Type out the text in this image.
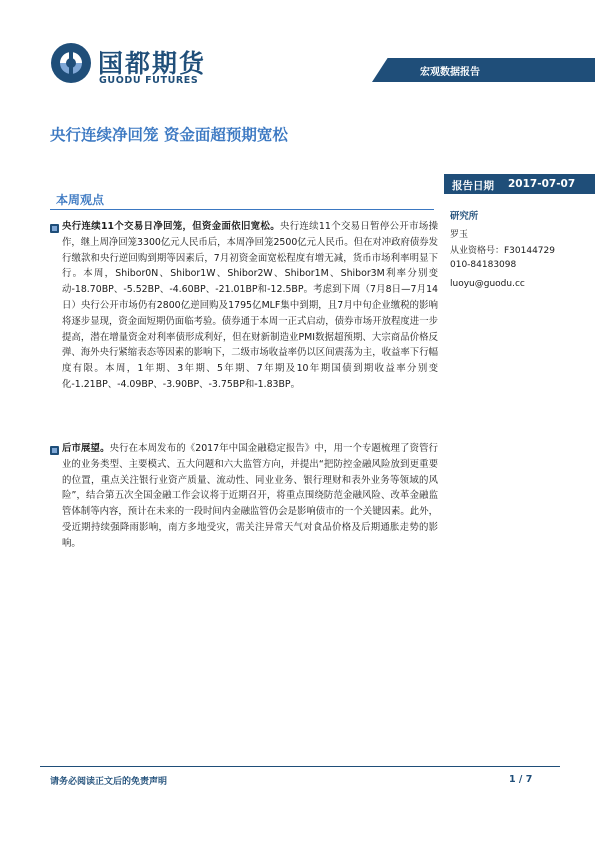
国都期货
GUODU FUTURES
宏观数据报告
央行连续净回笼 资金面超预期宽松
本周观点
央行连续11个交易日净回笼，但资金面依旧宽松。央行连续11个交易日暂停公开市场操作，继上周净回笼3300亿元人民币后，本周净回笼2500亿元人民币。但在对冲政府债券发行缴款和央行逆回购到期等因素后，7月初资金面宽松程度有增无减，货币市场利率明显下行。本周，Shibor0N、Shibor1W、Shibor2W、Shibor1M、Shibor3M利率分别变动-18.70BP、-5.52BP、-4.60BP、-21.01BP和-12.5BP。考虑到下周（7月8日—7月14日）央行公开市场仍有2800亿逆回购及1795亿MLF集中到期，且7月中旬企业缴税的影响将逐步显现，资金面短期仍面临考验。债券通于本周一正式启动，债券市场开放程度进一步提高，潜在增量资金对利率债形成利好，但在财新制造业PMI数据超预期、大宗商品价格反弹、海外央行紧缩表态等因素的影响下，二级市场收益率仍以区间震荡为主，收益率下行幅度有限。本周，1年期、3年期、5年期、7年期及10年期国债到期收益率分别变化-1.21BP、-4.09BP、-3.90BP、-3.75BP和-1.83BP。
后市展望。央行在本周发布的《2017年中国金融稳定报告》中，用一个专题梳理了资管行业的业务类型、主要模式、五大问题和六大监管方向，并提出“把防控金融风险放到更重要的位置，重点关注银行业资产质量、流动性、同业业务、银行理财和表外业务等领域的风险”，结合第五次全国金融工作会议将于近期召开，将重点围绕防范金融风险、改革金融监管体制等内容，预计在未来的一段时间内金融监管仍会是影响债市的一个关键因素。此外，受近期持续强降雨影响，南方多地受灾，需关注异常天气对食品价格及后期通胀走势的影响。
报告日期 2017-07-07
研究所
罗玉
从业资格号：F30144729
010-84183098
luoyu@guodu.cc
请务必阅读正文后的免责声明	1 / 7
